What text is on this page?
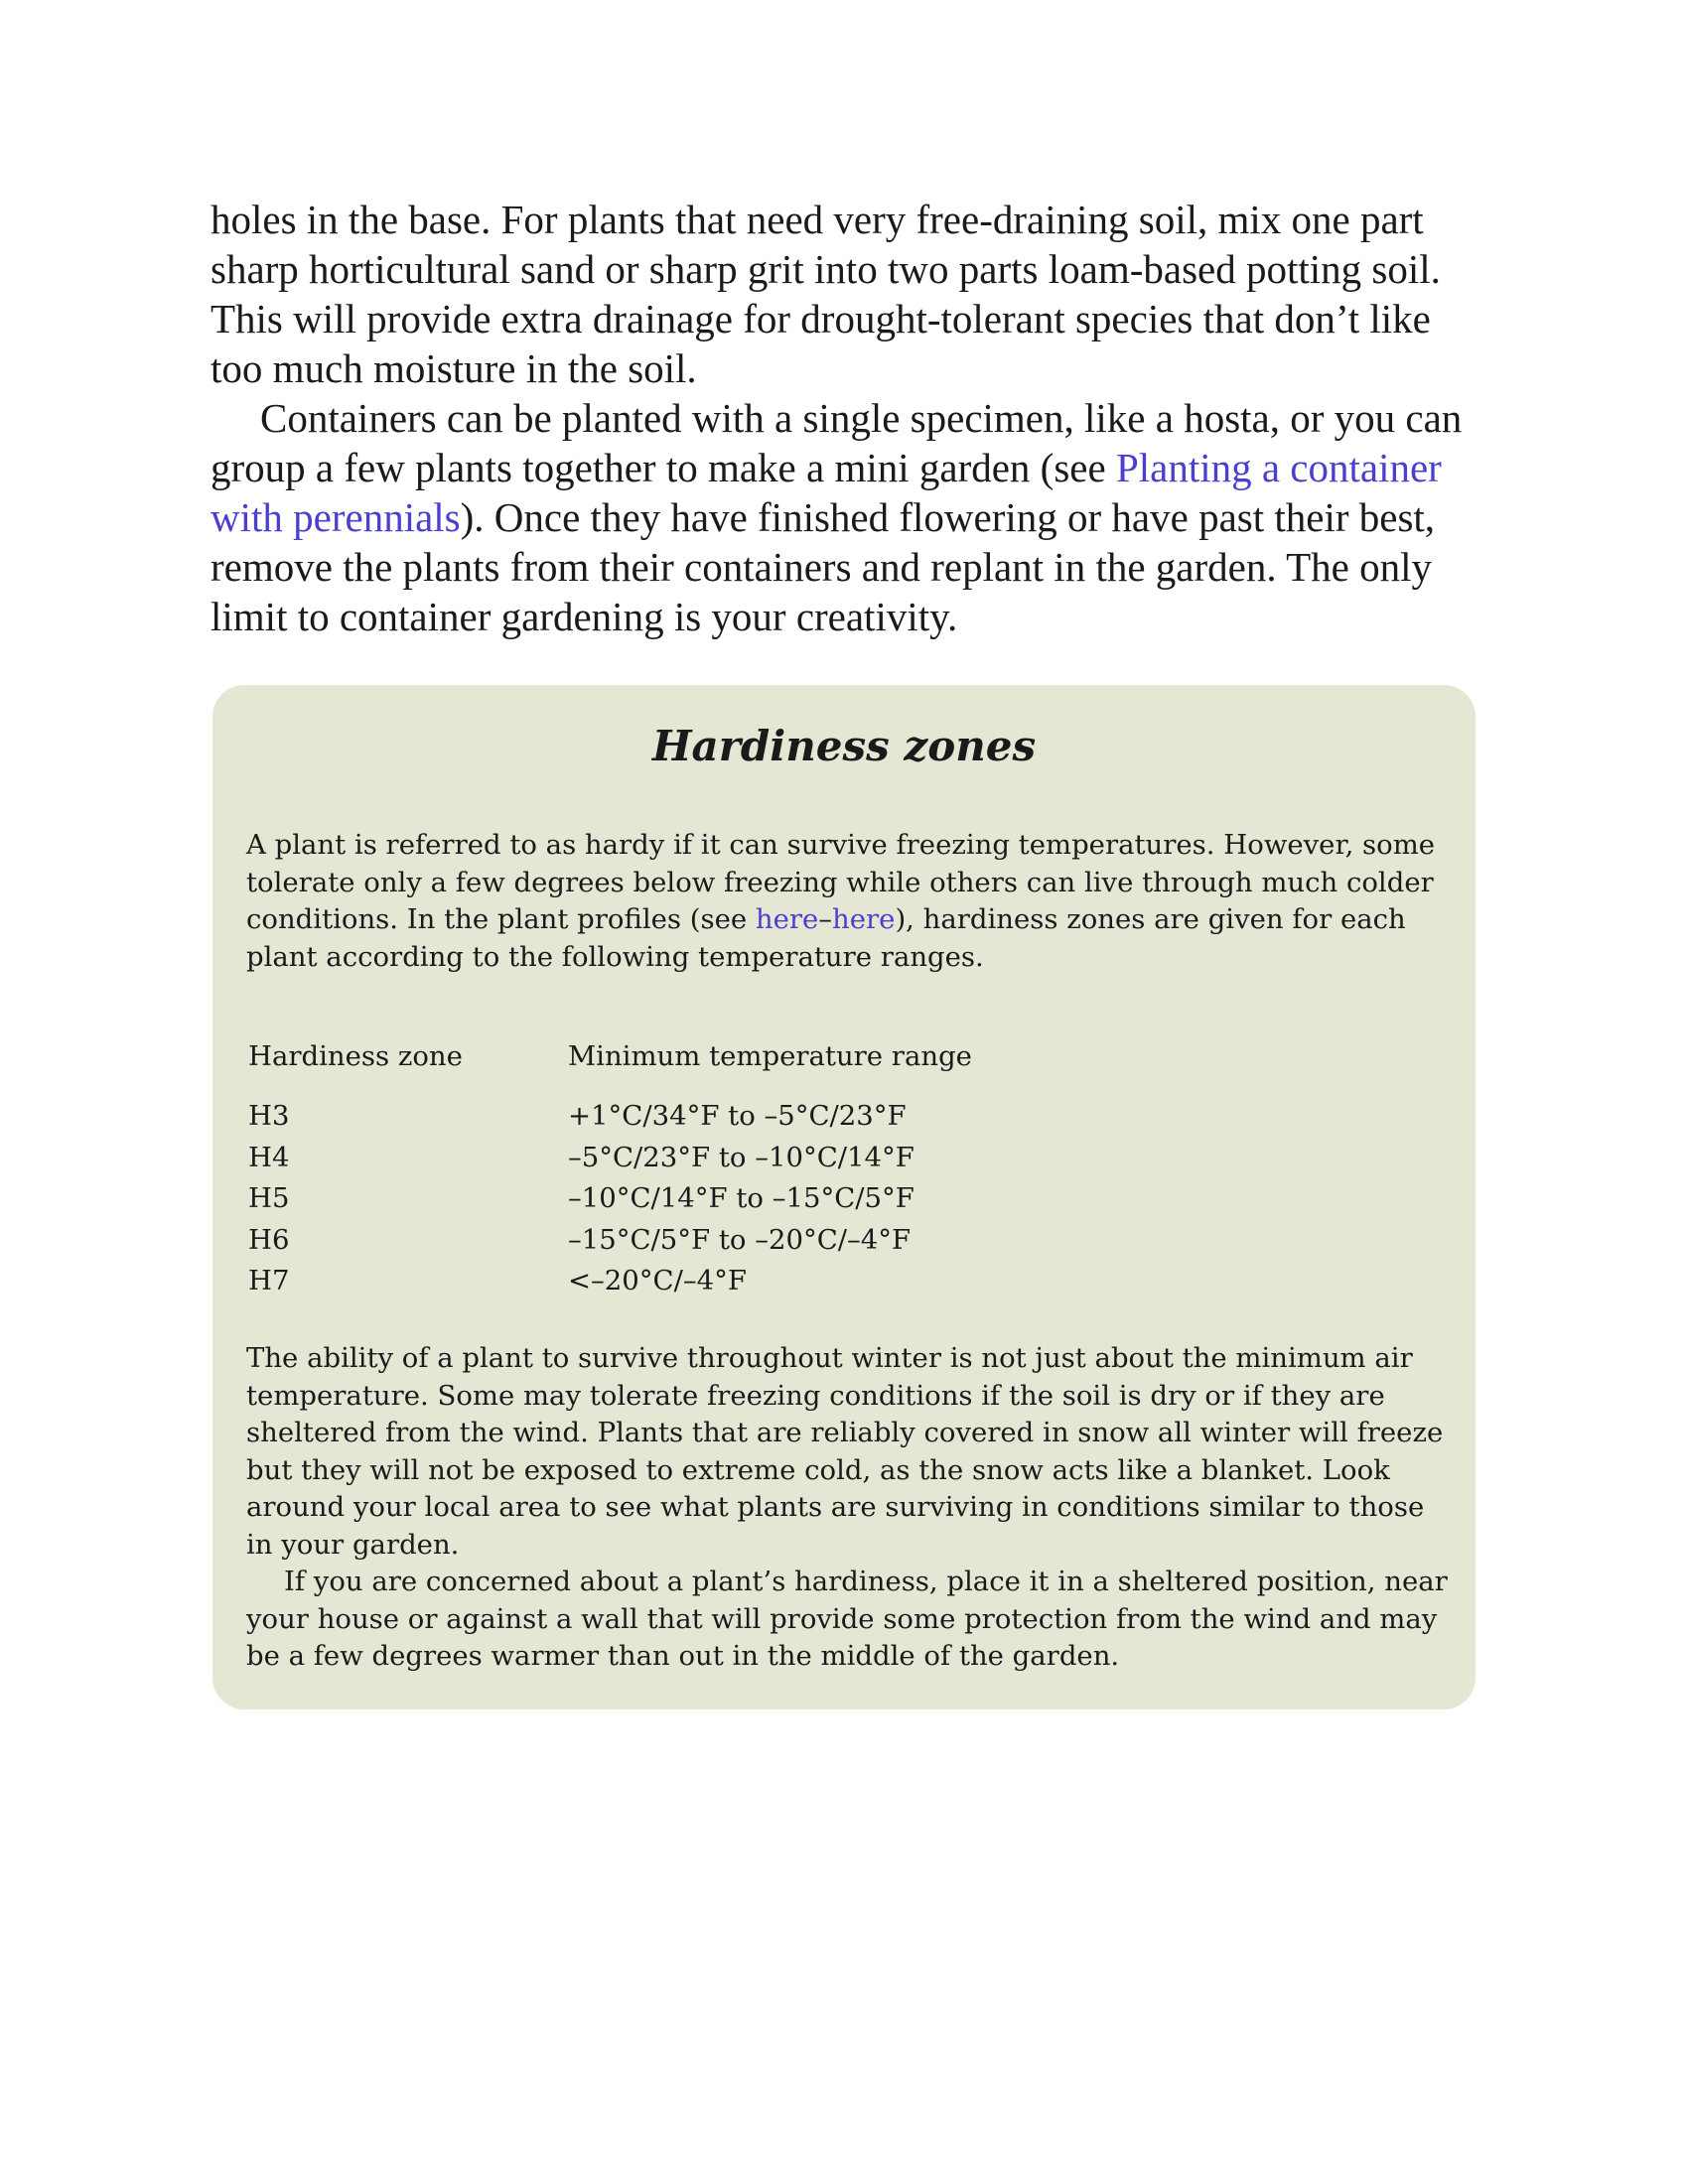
holes in the base. For plants that need very free-draining soil, mix one part sharp horticultural sand or sharp grit into two parts loam-based potting soil. This will provide extra drainage for drought-tolerant species that don’t like too much moisture in the soil.

Containers can be planted with a single specimen, like a hosta, or you can group a few plants together to make a mini garden (see Planting a container with perennials). Once they have finished flowering or have past their best, remove the plants from their containers and replant in the garden. The only limit to container gardening is your creativity.

Hardiness zones

A plant is referred to as hardy if it can survive freezing temperatures. However, some tolerate only a few degrees below freezing while others can live through much colder conditions. In the plant profiles (see here–here), hardiness zones are given for each plant according to the following temperature ranges.

Hardiness zone	Minimum temperature range
H3	+1°C/34°F to –5°C/23°F
H4	–5°C/23°F to –10°C/14°F
H5	–10°C/14°F to –15°C/5°F
H6	–15°C/5°F to –20°C/–4°F
H7	<–20°C/–4°F

The ability of a plant to survive throughout winter is not just about the minimum air temperature. Some may tolerate freezing conditions if the soil is dry or if they are sheltered from the wind. Plants that are reliably covered in snow all winter will freeze but they will not be exposed to extreme cold, as the snow acts like a blanket. Look around your local area to see what plants are surviving in conditions similar to those in your garden.

If you are concerned about a plant’s hardiness, place it in a sheltered position, near your house or against a wall that will provide some protection from the wind and may be a few degrees warmer than out in the middle of the garden.
